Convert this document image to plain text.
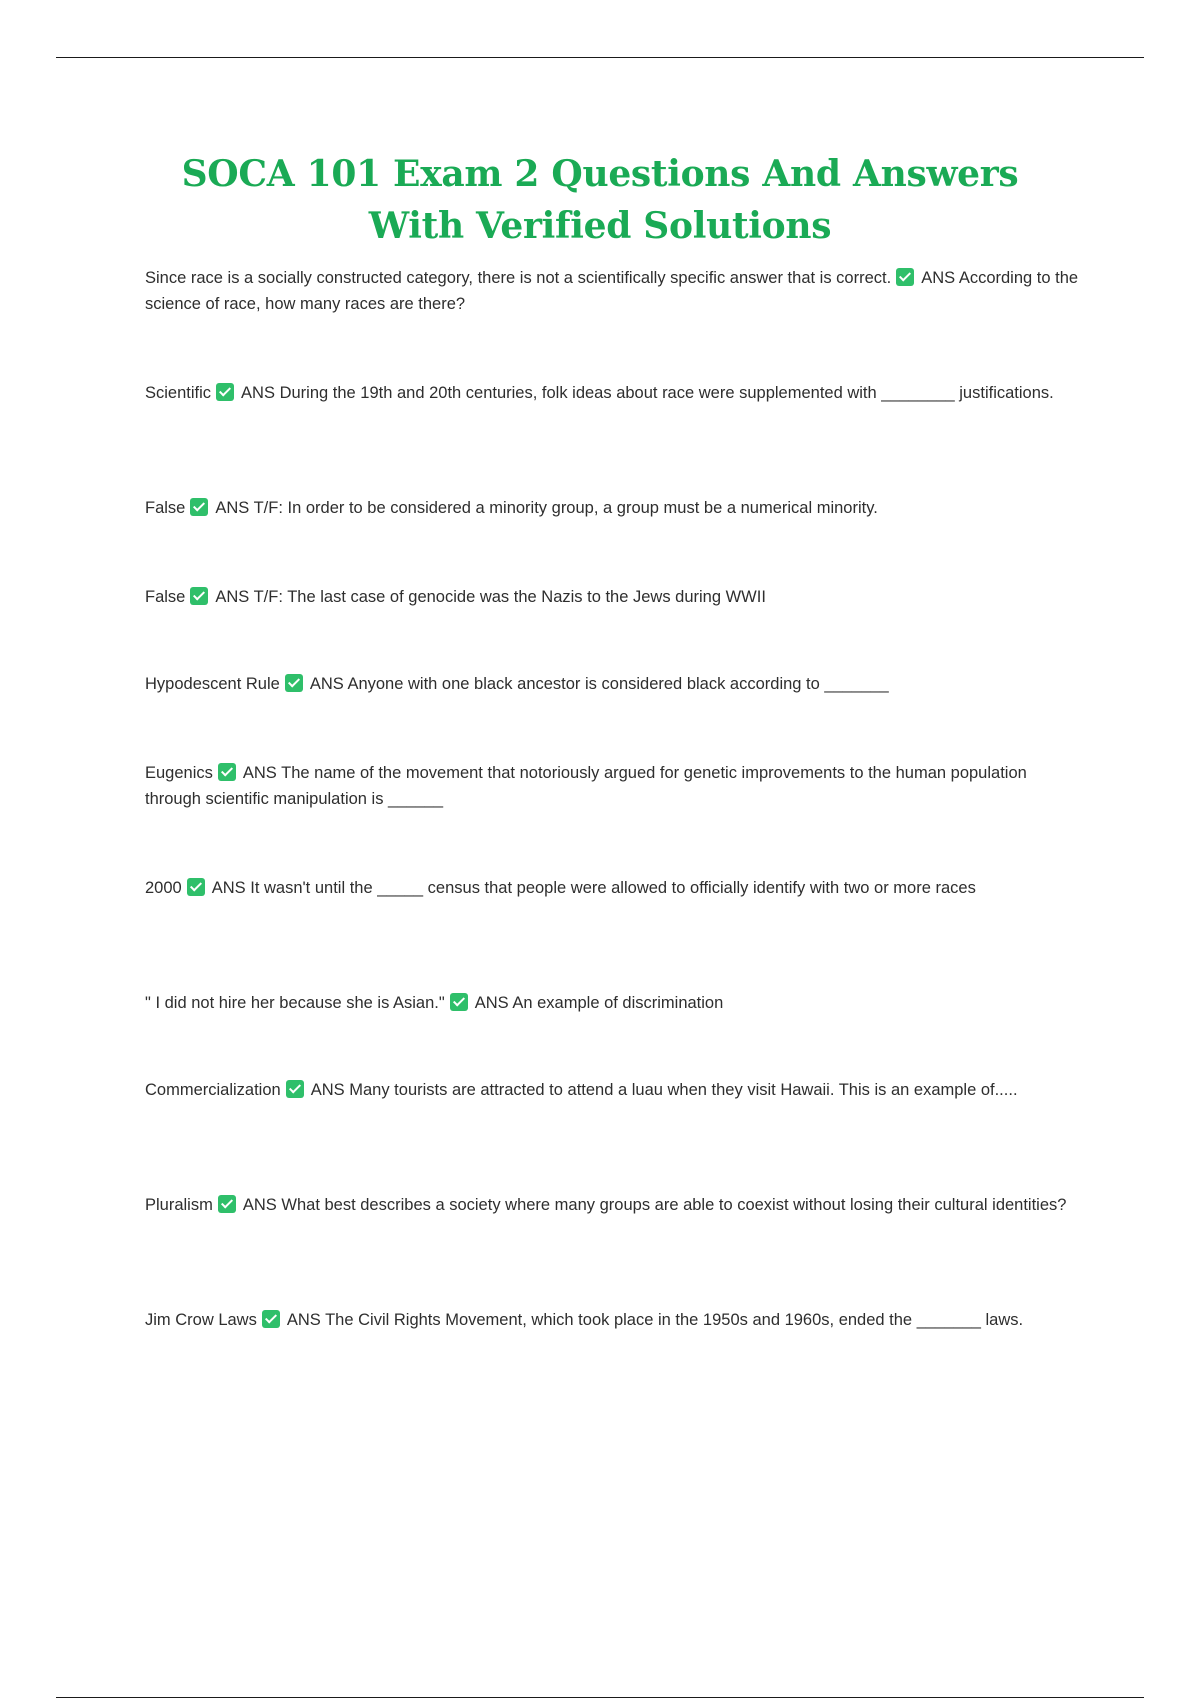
SOCA 101 Exam 2 Questions And Answers With Verified Solutions

Since race is a socially constructed category, there is not a scientifically specific answer that is correct. ANS According to the science of race, how many races are there?

Scientific ANS During the 19th and 20th centuries, folk ideas about race were supplemented with ________ justifications.

False ANS T/F: In order to be considered a minority group, a group must be a numerical minority.

False ANS T/F: The last case of genocide was the Nazis to the Jews during WWII

Hypodescent Rule ANS Anyone with one black ancestor is considered black according to _______

Eugenics ANS The name of the movement that notoriously argued for genetic improvements to the human population through scientific manipulation is ______

2000 ANS It wasn't until the _____ census that people were allowed to officially identify with two or more races

" I did not hire her because she is Asian." ANS An example of discrimination

Commercialization ANS Many tourists are attracted to attend a luau when they visit Hawaii. This is an example of.....

Pluralism ANS What best describes a society where many groups are able to coexist without losing their cultural identities?

Jim Crow Laws ANS The Civil Rights Movement, which took place in the 1950s and 1960s, ended the _______ laws.
